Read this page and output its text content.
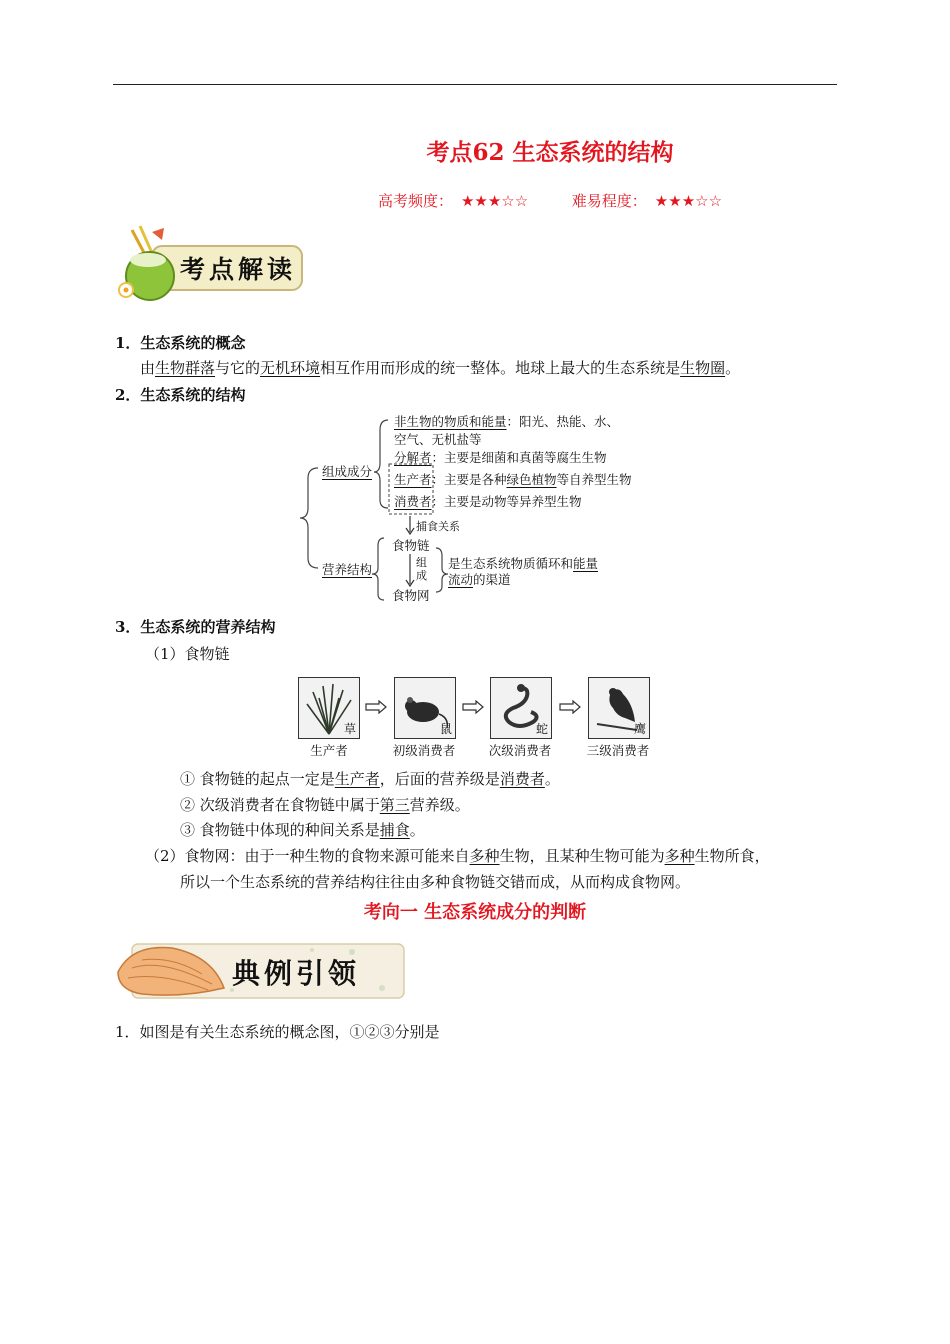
考点62 生态系统的结构
高考频度： ★★★☆☆	难易程度： ★★★☆☆
考点解读
1．生态系统的概念
由生物群落与它的无机环境相互作用而形成的统一整体。地球上最大的生态系统是生物圈。
2．生态系统的结构
组成成分
营养结构
非生物的物质和能量：阳光、热能、水、
空气、无机盐等
分解者：主要是细菌和真菌等腐生生物
生产者：主要是各种绿色植物等自养型生物
消费者：主要是动物等异养型生物
捕食关系
食物链
组
成
食物网
是生态系统物质循环和能量
流动的渠道
3．生态系统的营养结构
（1）食物链
草	鼠	蛇	鹰
生产者	初级消费者	次级消费者	三级消费者
① 食物链的起点一定是生产者，后面的营养级是消费者。
② 次级消费者在食物链中属于第三营养级。
③ 食物链中体现的种间关系是捕食。
（2）食物网：由于一种生物的食物来源可能来自多种生物，且某种生物可能为多种生物所食，
所以一个生态系统的营养结构往往由多种食物链交错而成，从而构成食物网。
考向一 生态系统成分的判断
典例引领
1．如图是有关生态系统的概念图，①②③分别是
